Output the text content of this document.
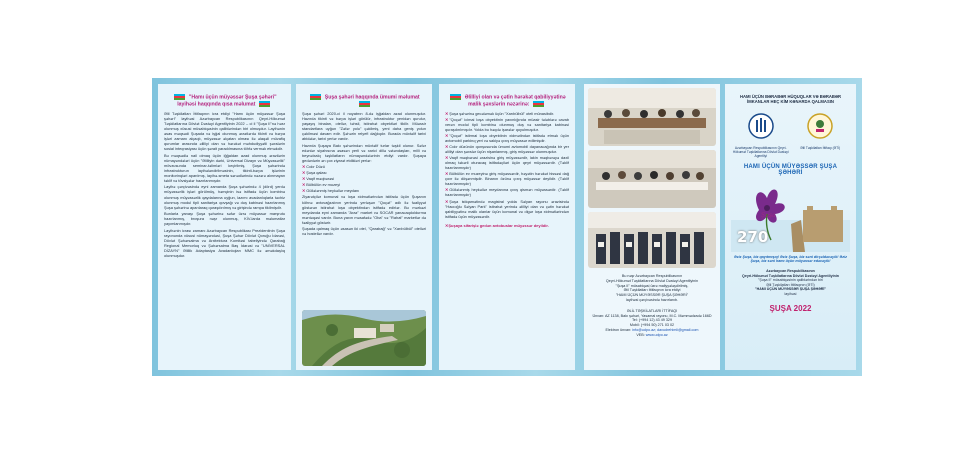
"Hamı üçün müyəssər Şuşa şəhəri" layihəsi haqqında qısa məlumat

Əlil Təşkilatları İttifaqının icra etdiyi "Hamı üçün müyəssər Şuşa şəhəri" layihəsi Azərbaycan Respublikasının Qeyri-Hökumət Təşkilatlarına Dövlət Dəstəyi Agentliyinin 2022 – ci il "Şuşa II"nə həsr olunmuş xüsusi müsabiqəsinin qaliblərindən biri olmuşdur. Layihənin əsas məqsədi Şuşada və işğal olunmuş ərazilərdə tikinti və bərpa işləri zamanı alçaqlı, müyəssər əlçatan olması ilə əlaqəli müvafiq qurumlar arasında əlilliyi olan və hərəkət məhdudiyyətli şəxslərin sosial inteqrasiyası üçün şərait yaradılmasına töhfə vermək etməkdir.

Bu məqsədlə nail olmaq üçün iğğaldan azad olunmuş ərazilərin nümayəndələri üçün "Əlilliyin dərki, Universal Dizayn və Müyəssərlik" mövzusunda seminar-təlimləri keçirilmiş, Şuşa şəhərində infrastrukturun layihələndirilməsinin, tikinti-bərpa işlərinin monitorinqləri aparılmış, layihə-smeta sənədlərində nəzərə alınmayan təklif və tövsiyələr hazırlanmışdır.

Layihə çərçivəsində eyni zamanda Şuşa şəhərində 4 (dörd) yerdə müyəssərlik işləri görülmüş, həmçinin isə istifadə üçün kombinə olunmuş müyəssərlik qaydalarına uyğun, lazımı avadanlıqlarla təchiz olunmuş modul tipli sanitariya qovşağı və duş kabinəsi hazırlanmış Şuşa şəhərinə aparılaraq quraşdırılmış və girişində rampa tikilmişdir.

Bunlarla yanaşı Şuşa şəhərinə səfər üzrə müyəssər marşrutu hazırlanmış, broşura nəşr olunmuş, KİV-larda məlumatlar yayımlanmışdır.

Layihənin icrası zamanı Azərbaycan Respublikası Prezidentinin Şuşa rayonunda xüsusi nümayəndəsi, Şuşa Şəhər Dövlət Qoruğu İdarəsi, Dövlət Şəhərsalma və Arxitektura Komitəsi tabeliyində Qarabağ Regional Memorluq və Şəhərsalma Baş İdarəsi və "UNİVERSAL DİZAYN" Əlillik Adaptasiya Avadanlıqları MMC ilə əməkdaşlıq olunmuşdur.

Şuşa şəhəri haqqında ümumi məlumat

Şuşa şəhəri 2020-ci il noyabrın 8-də işğaldan azad olunmuşdur. Hazırda tikinti və bərpa işləri görülür, infrastruktur yenidən qurulur, yaşayış binaları, otellər, təhsil, istirahət obyektləri tikilir. Müəssir standartlara uyğun "Zəfər yolu" çəkilmiş, yeni daha geniş yolun çəkilməsi davam edir. Şəhərin relyefi dağlıqdır. Burada müxtəlif tarixi abidələr, tarixi yerlər vardır.

Hazırda Şuşaya Bakı şəhərindən müxtəlif turlar təşkil olunur. Səfər edənlər siyahısına əsasən yerli və xarici dillə vətəndaşları, milli və beynəlxalq təşkilatların nümayəndələrinin etdiyi vardır. Şuşaya gedənlərin ən çox ziyarət etdikləri yerlər:

✕Cıdır Düzü
✕Şuşa qalası
✕Vaqif məqbərəsi
✕Bülbülün ev muzeyi
✕Güllələnmiş heykəllər meydanı

Ziyarətçilər komunal və loşa xidmətlərindən istifadə üçün Şuşanın köhnə avtovağzalının yerində yerləşən "Qoçət" adlı ilə fəaliyyət göstərən istirahət loşa obyektindən istifadə edirlər. Bu mərkəzi meydanda eyni zamanda "Araz" market və SOCAR yanacaqdoldurma məntəqəsi vardır. Buna yaxın məsafədə "Oba" və "Rahat" marketlər də fəaliyyət göstərir.

Şuşada qalmaq üçün əsasən iki otel, "Qarabağ" və "Xarıbülbül" otelləri və hostellər vardır.

Əlilliyi olan və çətin hərəkət qabiliyyətinə malik şəxslərin nəzərinə:
✕Şuşa şəhərinə gecələmək üçün "Xarıbülbül" oteli münasibdir.
✕"Qoçət" icimai loşa obyektinin yaxınlığında müasir tələblərə cavab verən modul tipli kombinə olunmuş duş və sanitariya kabinəsi quraşdırılmışdır. Yolda bu həqdə işarələr qoyulmuşdur.
✕"Qoçət" istirmai loşa obyektinin xidmətindən istifadə etmək üçün avtomobil parkinq yeri və sakiyə çıxış müyəssər edilmişdir.
✕Cıdır düzünün qonşusunda ümumi avtomobil dayanacağında bir yer əlilliyi olan şəxslər üçün nişanlanmış, giriş müyəssər olunmuşdur.
✕Vaqif məqbərəsi ərazisinə giriş müyəssərdir, lakin məqbərəyə daxil olmaq təkərli oturacaq istifadəçiləri üçün qeyri müyəssərdir. (Təklif hazırlanmışdır)
✕Bülbülün ev muzeyinə giriş müyəssərdir, həyətin hərəkət hissəsi dağ çoxr ilə döşənmişdir. Binanın özünə çıxış müyəssər deyildir. (Təklif hazırlanmışdır)
✕Güllələnmiş heykəllər meydanına çıxış qismən müyəssərdir. (Təklif hazırlanmışdır)
✕Şuşa istiqamətində magistral yolda Səlyan rayonu ərazisində "Hacıoğlu Səlyan Park" istirahət yerində əlilliyi olan və çətin hərəkət qabiliyyətinə malik olanlar üçün komunal və digər loşa xidmətlərindən istifadə üçün müyəssərdir.

✕Şuşaya sifarişlə gedən avtobuslar müyəssər deyildir.

Bu nəşr Azərbaycan Respublikasının
Qeyri-Hökumət Təşkilatlarına Dövlət Dəstəyi Agentliyinin
"Şuşa II" müsabiqəsi üzrə maliyyələşdirilmiş,
Əlil Təşkilatları İttifaqının icra etdiyi
"HAMI ÜÇÜN MÜYƏSSƏR ŞUŞA ŞƏHƏRİ"
layihəsi çərçivəsində hazırlanıb.
ƏLİL TƏŞKİLATLARI İTTİFAQI
Ünvan: AZ 1138, Bakı şəhəri, Yasamal rayonu, M.C. Məmmədzadə 166D
Tel: (+994 12) 43 49 329
Mobil: (+994 50) 271 03 02
Elektron ünvan: info@udpo.az; davudrehimli@gmail.com
VEB: www.udpo.az
HAMI ÜÇÜN BƏRABƏR HÜQUQLAR VƏ BƏRABƏR İMKANLAR HEÇ KİM KƏNARDA QALMASIN
Azərbaycan Respublikasının Qeyri-Hökumət Təşkilatlarına Dövlət Dəstəyi Agentliyi
Əlil Təşkilatları İttifaqı (ƏTİ)
HAMI ÜÇÜN MÜYƏSSƏR ŞUŞA ŞƏHƏRİ
Şuşa
270
Əziz Şuşa, biz qayıtmışıq! Əziz Şuşa, biz səni dirçəldəcəyik! Əziz Şuşa, biz səni hamı üçün müyəssər edəcəyik!
Azərbaycan Respublikasının
Qeyri-Hökumət Təşkilatlarına Dövlət Dəstəyi Agentliyinin
"Şuşa II" müsabiqəsinin qaliblərindən biri
Əlil Təşkilatları İttifaqının (ƏTİ)
"HAMI ÜÇÜN MÜYƏSSƏR ŞUŞA ŞƏHƏRİ"
layihəsi
ŞUŞA 2022
